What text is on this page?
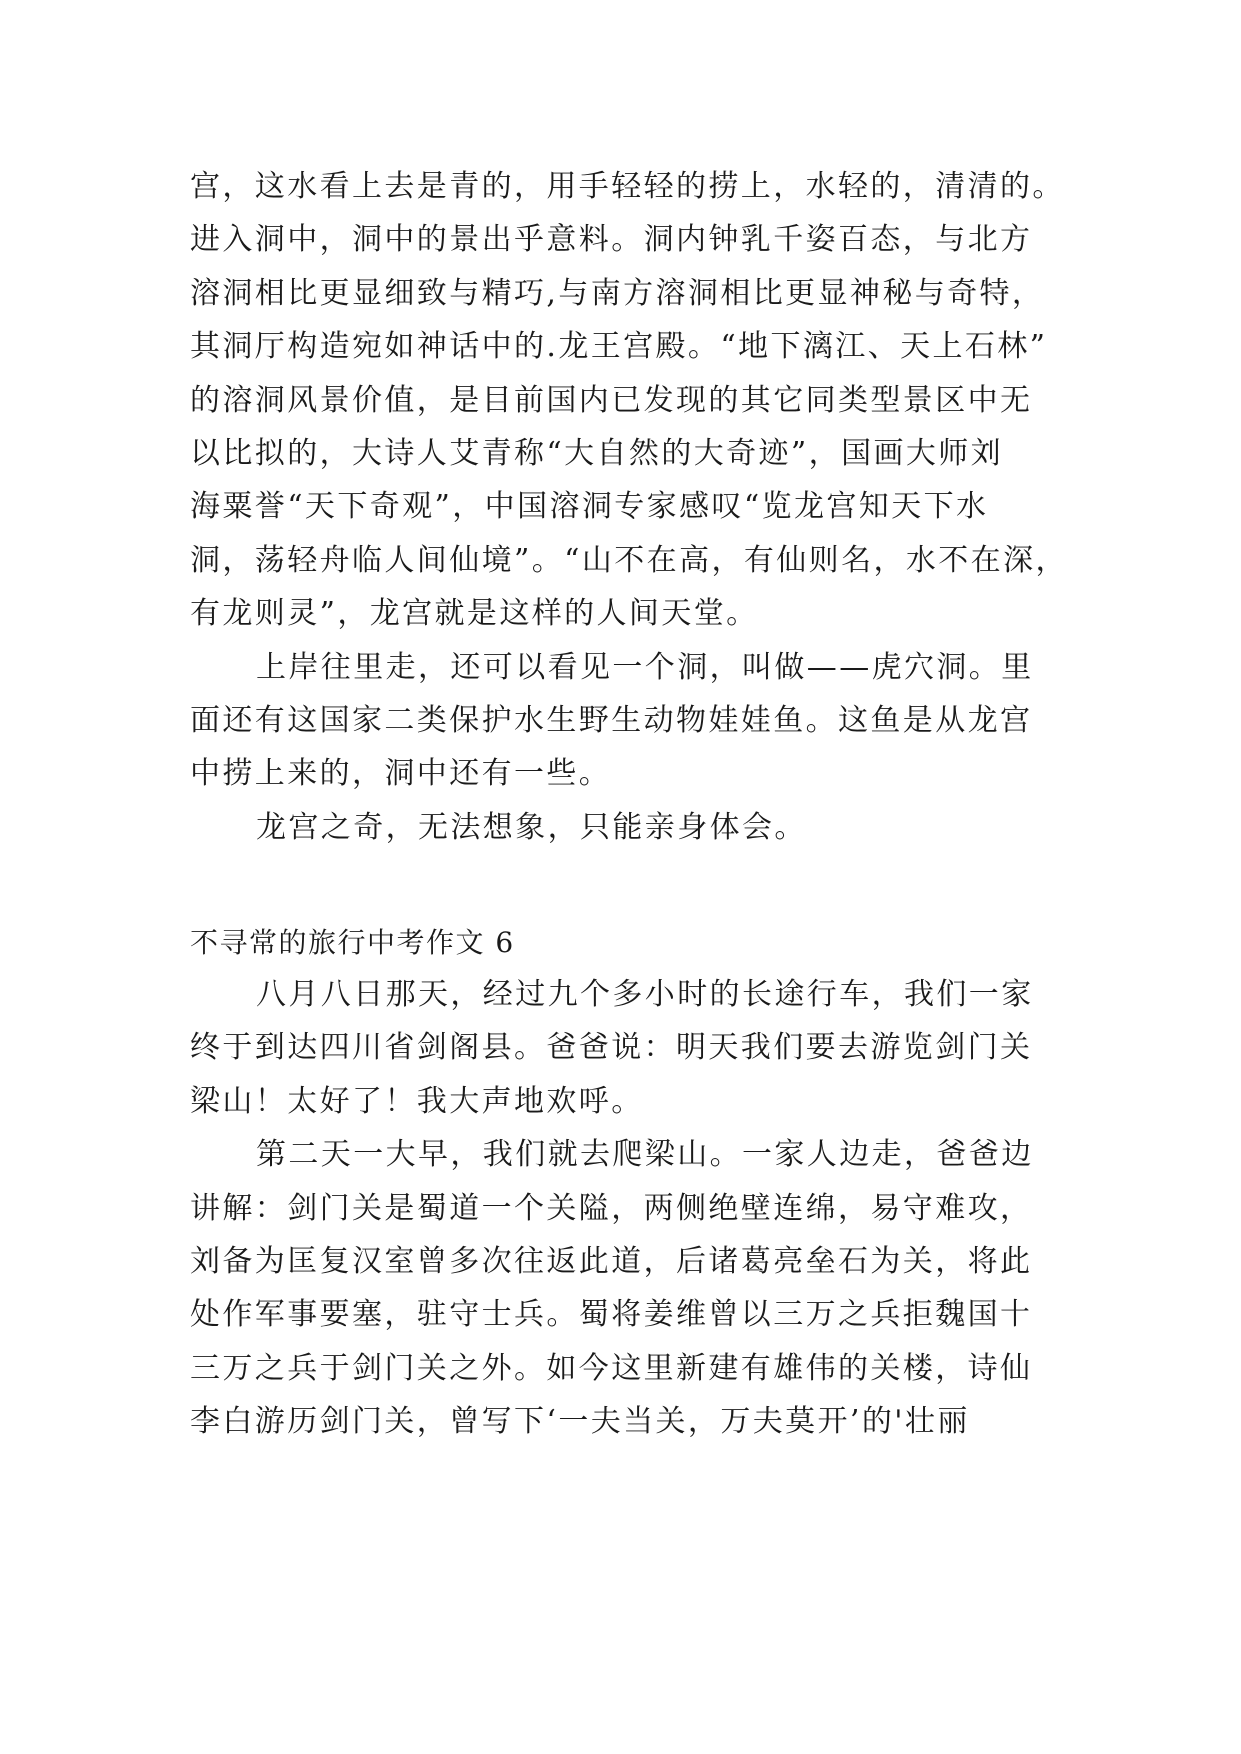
宫，这水看上去是青的，用手轻轻的捞上，水轻的，清清的。
进入洞中，洞中的景出乎意料。洞内钟乳千姿百态，与北方
溶洞相比更显细致与精巧,与南方溶洞相比更显神秘与奇特，
其洞厅构造宛如神话中的.龙王宫殿。“地下漓江、天上石林”
的溶洞风景价值，是目前国内已发现的其它同类型景区中无
以比拟的，大诗人艾青称“大自然的大奇迹”，国画大师刘
海粟誉“天下奇观”，中国溶洞专家感叹“览龙宫知天下水
洞，荡轻舟临人间仙境”。“山不在高，有仙则名，水不在深，
有龙则灵”，龙宫就是这样的人间天堂。
上岸往里走，还可以看见一个洞，叫做——虎穴洞。里
面还有这国家二类保护水生野生动物娃娃鱼。这鱼是从龙宫
中捞上来的，洞中还有一些。
龙宫之奇，无法想象，只能亲身体会。
不寻常的旅行中考作文 6
八月八日那天，经过九个多小时的长途行车，我们一家
终于到达四川省剑阁县。爸爸说：明天我们要去游览剑门关
梁山！太好了！我大声地欢呼。
第二天一大早，我们就去爬梁山。一家人边走，爸爸边
讲解：剑门关是蜀道一个关隘，两侧绝壁连绵，易守难攻，
刘备为匡复汉室曾多次往返此道，后诸葛亮垒石为关，将此
处作军事要塞，驻守士兵。蜀将姜维曾以三万之兵拒魏国十
三万之兵于剑门关之外。如今这里新建有雄伟的关楼，诗仙
李白游历剑门关，曾写下‘一夫当关，万夫莫开’的'壮丽
